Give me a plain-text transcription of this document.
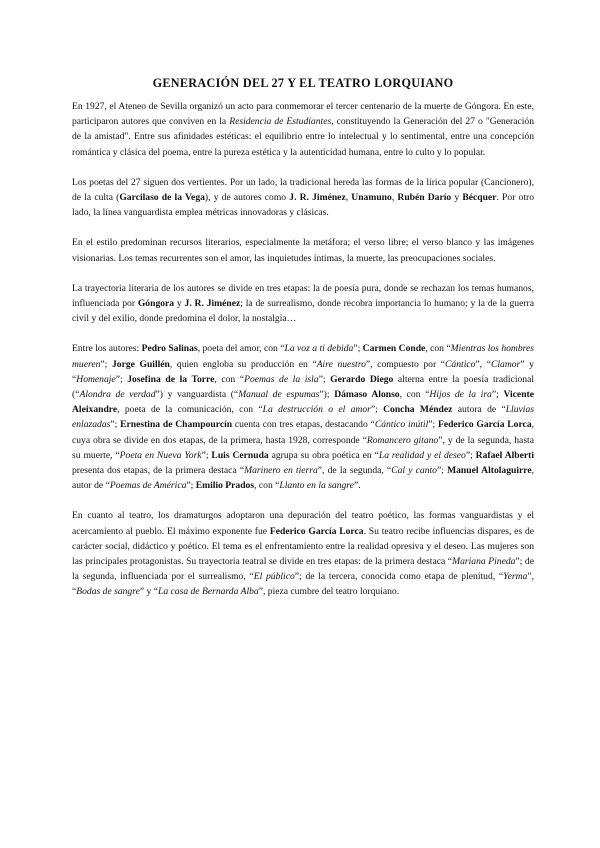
GENERACIÓN DEL 27 Y EL TEATRO LORQUIANO

En 1927, el Ateneo de Sevilla organizó un acto para conmemorar el tercer centenario de la muerte de Góngora. En este, participaron autores que conviven en la Residencia de Estudiantes, constituyendo la Generación del 27 o "Generación de la amistad". Entre sus afinidades estéticas: el equilibrio entre lo intelectual y lo sentimental, entre una concepción romántica y clásica del poema, entre la pureza estética y la autenticidad humana, entre lo culto y lo popular.

Los poetas del 27 siguen dos vertientes. Por un lado, la tradicional hereda las formas de la lírica popular (Cancionero), de la culta (Garcilaso de la Vega), y de autores como J. R. Jiménez, Unamuno, Rubén Darío y Bécquer. Por otro lado, la línea vanguardista emplea métricas innovadoras y clásicas.

En el estilo predominan recursos literarios, especialmente la metáfora; el verso libre; el verso blanco y las imágenes visionarias. Los temas recurrentes son el amor, las inquietudes íntimas, la muerte, las preocupaciones sociales.

La trayectoria literaria de los autores se divide en tres etapas: la de poesía pura, donde se rechazan los temas humanos, influenciada por Góngora y J. R. Jiménez; la de surrealismo, donde recobra importancia lo humano; y la de la guerra civil y del exilio, donde predomina el dolor, la nostalgia…

Entre los autores: Pedro Salinas, poeta del amor, con “La voz a ti debida”; Carmen Conde, con “Mientras los hombres mueren”; Jorge Guillén, quien engloba su producción en “Aire nuestro”, compuesto por “Cántico”, “Clamor” y “Homenaje”; Josefina de la Torre, con “Poemas de la isla”; Gerardo Diego alterna entre la poesía tradicional (“Alondra de verdad”) y vanguardista (“Manual de espumas”); Dámaso Alonso, con “Hijos de la ira”; Vicente Aleixandre, poeta de la comunicación, con “La destrucción o el amor”; Concha Méndez autora de “Lluvias enlazadas”; Ernestina de Champourcín cuenta con tres etapas, destacando “Cántico inútil”; Federico García Lorca, cuya obra se divide en dos etapas, de la primera, hasta 1928, corresponde “Romancero gitano”, y de la segunda, hasta su muerte, “Poeta en Nueva York”; Luis Cernuda agrupa su obra poética en “La realidad y el deseo”; Rafael Alberti presenta dos etapas, de la primera destaca “Marinero en tierra”, de la segunda, “Cal y canto”; Manuel Altolaguirre, autor de “Poemas de América”; Emilio Prados, con “Llanto en la sangre”.

En cuanto al teatro, los dramaturgos adoptaron una depuración del teatro poético, las formas vanguardistas y el acercamiento al pueblo. El máximo exponente fue Federico García Lorca. Su teatro recibe influencias dispares, es de carácter social, didáctico y poético. El tema es el enfrentamiento entre la realidad opresiva y el deseo. Las mujeres son las principales protagonistas. Su trayectoria teatral se divide en tres etapas: de la primera destaca “Mariana Pineda”; de la segunda, influenciada por el surrealismo, “El público”; de la tercera, conocida como etapa de plenitud, “Yerma”, “Bodas de sangre” y “La casa de Bernarda Alba”, pieza cumbre del teatro lorquiano.
